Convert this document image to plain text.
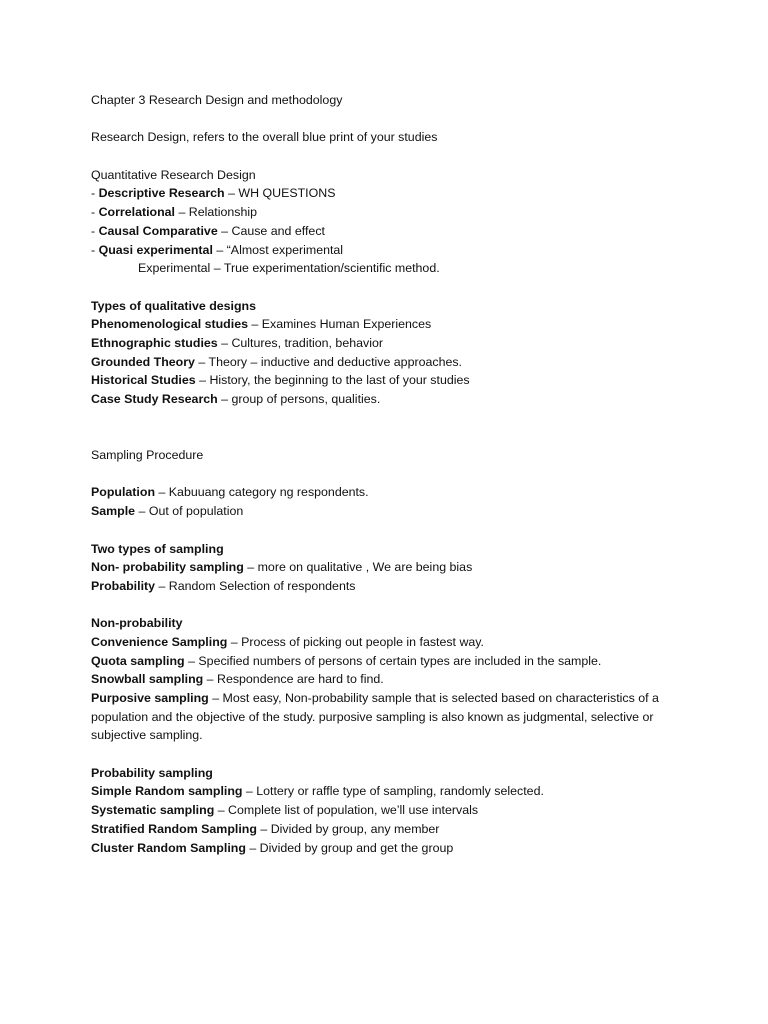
Chapter 3 Research Design and methodology
Research Design, refers to the overall blue print of your studies
Quantitative Research Design
- Descriptive Research – WH QUESTIONS
- Correlational – Relationship
- Causal Comparative – Cause and effect
- Quasi experimental – “Almost experimental
Experimental – True experimentation/scientific method.
Types of qualitative designs
Phenomenological studies – Examines Human Experiences
Ethnographic studies – Cultures, tradition, behavior
Grounded Theory – Theory – inductive and deductive approaches.
Historical Studies – History, the beginning to the last of your studies
Case Study Research – group of persons, qualities.
Sampling Procedure
Population – Kabuuang category ng respondents.
Sample – Out of population
Two types of sampling
Non- probability sampling – more on qualitative , We are being bias
Probability – Random Selection of respondents
Non-probability
Convenience Sampling – Process of picking out people in fastest way.
Quota sampling – Specified numbers of persons of certain types are included in the sample.
Snowball sampling – Respondence are hard to find.
Purposive sampling – Most easy, Non-probability sample that is selected based on characteristics of a
population and the objective of the study. purposive sampling is also known as judgmental, selective or
subjective sampling.
Probability sampling
Simple Random sampling – Lottery or raffle type of sampling, randomly selected.
Systematic sampling – Complete list of population, we’ll use intervals
Stratified Random Sampling – Divided by group, any member
Cluster Random Sampling – Divided by group and get the group
